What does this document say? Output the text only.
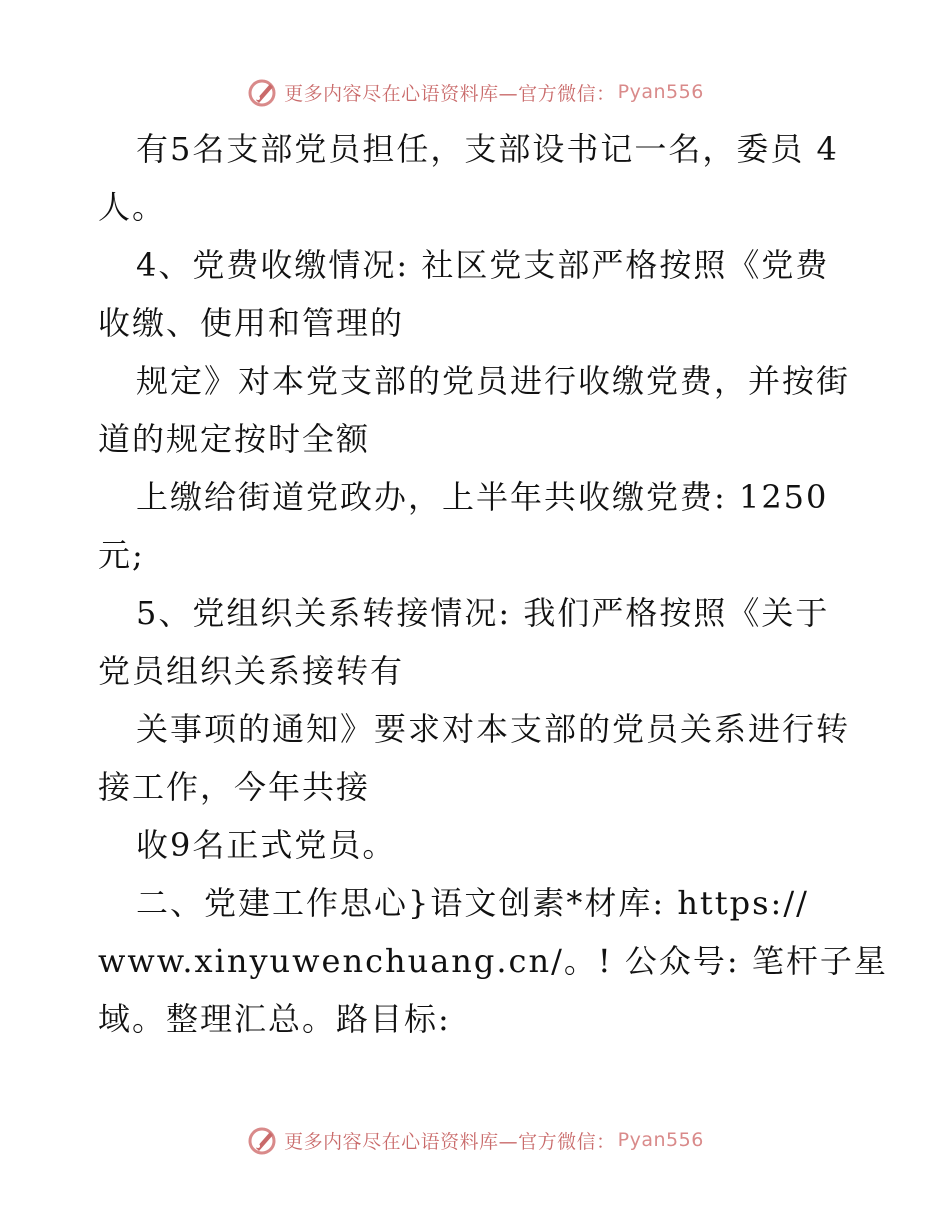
更多内容尽在心语资料库—官方微信： Pyan556
有5名支部党员担任，支部设书记一名，委员 4
人。
4、党费收缴情况: 社区党支部严格按照《党费
收缴、使用和管理的
规定》对本党支部的党员进行收缴党费，并按街
道的规定按时全额
上缴给街道党政办，上半年共收缴党费: 1250
元;
5、党组织关系转接情况: 我们严格按照《关于
党员组织关系接转有
关事项的通知》要求对本支部的党员关系进行转
接工作，今年共接
收9名正式党员。
二、党建工作思心}语文创素*材库: https://
www.xinyuwenchuang.cn/。! 公众号: 笔杆子星
域。整理汇总。路目标:
更多内容尽在心语资料库—官方微信： Pyan556
